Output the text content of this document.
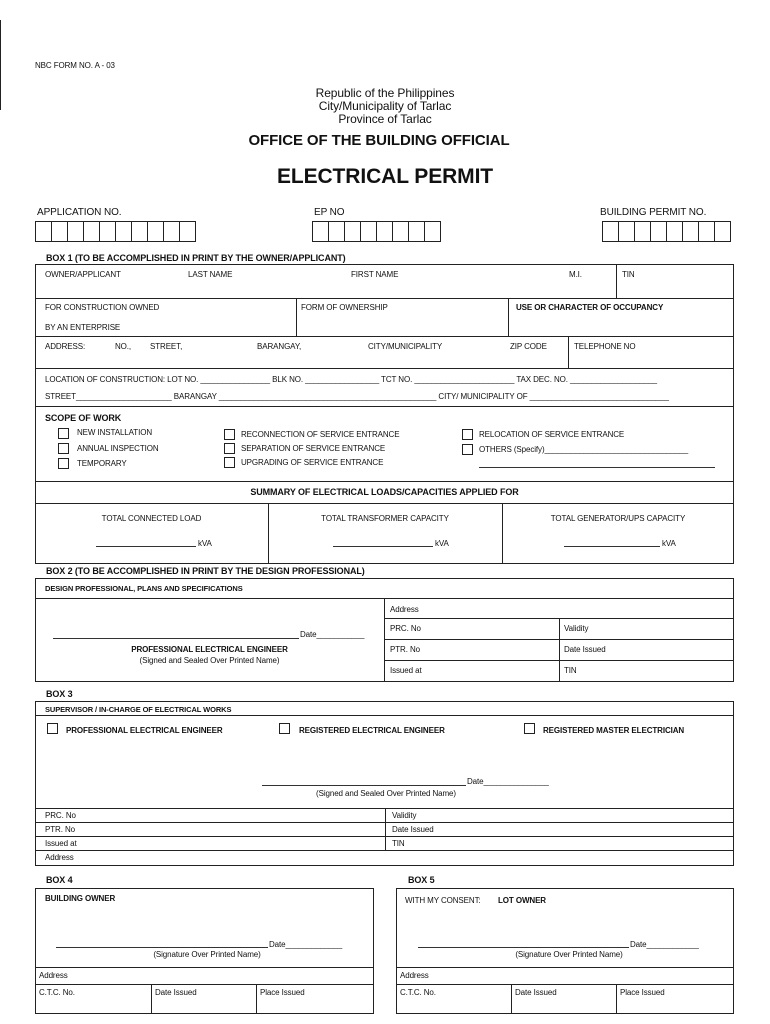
NBC FORM NO. A - 03
Republic of the Philippines
City/Municipality of Tarlac
Province of Tarlac
OFFICE OF THE BUILDING OFFICIAL
ELECTRICAL PERMIT
APPLICATION NO.	EP NO	BUILDING PERMIT NO.
BOX 1 (TO BE ACCOMPLISHED IN PRINT BY THE OWNER/APPLICANT)
OWNER/APPLICANT	LAST NAME	FIRST NAME	M.I.	TIN
FOR CONSTRUCTION OWNED
BY AN ENTERPRISE
FORM OF OWNERSHIP	USE OR CHARACTER OF OCCUPANCY
ADDRESS:	NO., STREET,	BARANGAY,	CITY/MUNICIPALITY	ZIP CODE	TELEPHONE NO
LOCATION OF CONSTRUCTION: LOT NO. ________________ BLK NO. _________________ TCT NO. _______________________ TAX DEC. NO. ____________________
STREET______________________ BARANGAY __________________________________________________ CITY/ MUNICIPALITY OF ________________________________
SCOPE OF WORK
NEW INSTALLATION
ANNUAL INSPECTION
TEMPORARY
RECONNECTION OF SERVICE ENTRANCE
SEPARATION OF SERVICE ENTRANCE
UPGRADING OF SERVICE ENTRANCE
RELOCATION OF SERVICE ENTRANCE
OTHERS (Specify)_________________________________
SUMMARY OF ELECTRICAL LOADS/CAPACITIES APPLIED FOR
TOTAL CONNECTED LOAD	TOTAL TRANSFORMER CAPACITY	TOTAL GENERATOR/UPS CAPACITY
kVA	kVA	kVA
BOX 2 (TO BE ACCOMPLISHED IN PRINT BY THE DESIGN PROFESSIONAL)
DESIGN PROFESSIONAL, PLANS AND SPECIFICATIONS
Date___________
PROFESSIONAL ELECTRICAL ENGINEER
(Signed and Sealed Over Printed Name)
Address
PRC. No	Validity
PTR. No	Date Issued
Issued at	TIN
BOX 3
SUPERVISOR / IN-CHARGE OF ELECTRICAL WORKS
PROFESSIONAL ELECTRICAL ENGINEER	REGISTERED ELECTRICAL ENGINEER	REGISTERED MASTER ELECTRICIAN
Date_______________
(Signed and Sealed Over Printed Name)
PRC. No	Validity
PTR. No	Date Issued
Issued at	TIN
Address
BOX 4
BUILDING OWNER
Date_____________
(Signature Over Printed Name)
Address
C.T.C. No.	Date Issued	Place Issued
BOX 5
WITH MY CONSENT: LOT OWNER
Date____________
(Signature Over Printed Name)
Address
C.T.C. No.	Date Issued	Place Issued
